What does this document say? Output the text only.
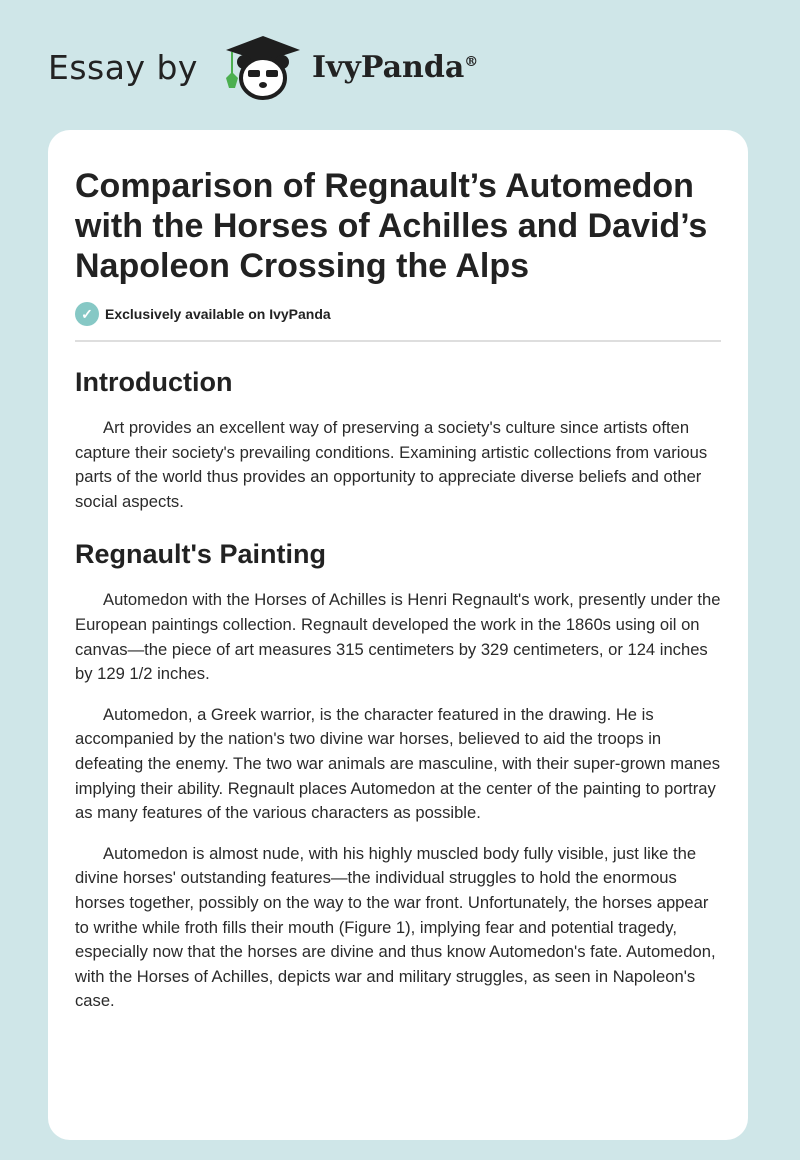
Essay by	IvyPanda®
Comparison of Regnault’s Automedon with the Horses of Achilles and David’s Napoleon Crossing the Alps
✓ Exclusively available on IvyPanda
Introduction

Art provides an excellent way of preserving a society's culture since artists often capture their society's prevailing conditions. Examining artistic collections from various parts of the world thus provides an opportunity to appreciate diverse beliefs and other social aspects.

Regnault's Painting

Automedon with the Horses of Achilles is Henri Regnault's work, presently under the European paintings collection. Regnault developed the work in the 1860s using oil on canvas—the piece of art measures 315 centimeters by 329 centimeters, or 124 inches by 129 1/2 inches.

Automedon, a Greek warrior, is the character featured in the drawing. He is accompanied by the nation's two divine war horses, believed to aid the troops in defeating the enemy. The two war animals are masculine, with their super-grown manes implying their ability. Regnault places Automedon at the center of the painting to portray as many features of the various characters as possible.

Automedon is almost nude, with his highly muscled body fully visible, just like the divine horses' outstanding features—the individual struggles to hold the enormous horses together, possibly on the way to the war front. Unfortunately, the horses appear to writhe while froth fills their mouth (Figure 1), implying fear and potential tragedy, especially now that the horses are divine and thus know Automedon's fate. Automedon, with the Horses of Achilles, depicts war and military struggles, as seen in Napoleon's case.
